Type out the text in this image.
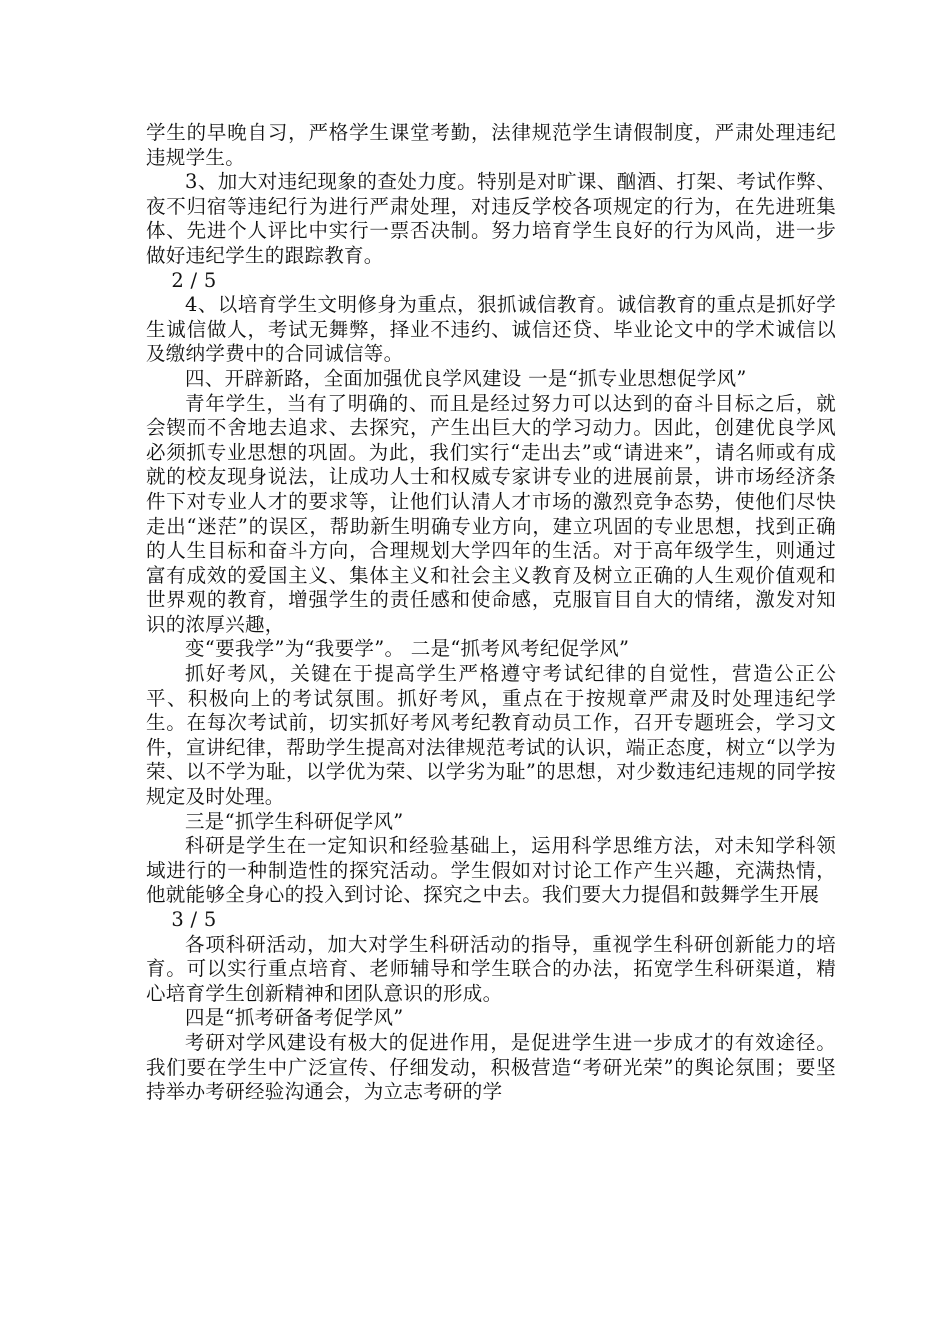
学生的早晚自习，严格学生课堂考勤，法律规范学生请假制度，严肃处理违纪违规学生。

3、加大对违纪现象的查处力度。特别是对旷课、酗酒、打架、考试作弊、夜不归宿等违纪行为进行严肃处理，对违反学校各项规定的行为，在先进班集体、先进个人评比中实行一票否决制。努力培育学生良好的行为风尚，进一步做好违纪学生的跟踪教育。

2 / 5

4、以培育学生文明修身为重点，狠抓诚信教育。诚信教育的重点是抓好学生诚信做人，考试无舞弊，择业不违约、诚信还贷、毕业论文中的学术诚信以及缴纳学费中的合同诚信等。

四、开辟新路，全面加强优良学风建设 一是“抓专业思想促学风”

青年学生，当有了明确的、而且是经过努力可以达到的奋斗目标之后，就会锲而不舍地去追求、去探究，产生出巨大的学习动力。因此，创建优良学风必须抓专业思想的巩固。为此，我们实行“走出去”或“请进来”，请名师或有成就的校友现身说法，让成功人士和权威专家讲专业的进展前景，讲市场经济条件下对专业人才的要求等，让他们认清人才市场的激烈竞争态势，使他们尽快走出“迷茫”的误区，帮助新生明确专业方向，建立巩固的专业思想，找到正确的人生目标和奋斗方向，合理规划大学四年的生活。对于高年级学生，则通过富有成效的爱国主义、集体主义和社会主义教育及树立正确的人生观价值观和世界观的教育，增强学生的责任感和使命感，克服盲目自大的情绪，激发对知识的浓厚兴趣，

变“要我学”为“我要学”。 二是“抓考风考纪促学风”

抓好考风，关键在于提高学生严格遵守考试纪律的自觉性，营造公正公平、积极向上的考试氛围。抓好考风，重点在于按规章严肃及时处理违纪学生。在每次考试前，切实抓好考风考纪教育动员工作，召开专题班会，学习文件，宣讲纪律，帮助学生提高对法律规范考试的认识，端正态度，树立“以学为荣、以不学为耻，以学优为荣、以学劣为耻”的思想，对少数违纪违规的同学按规定及时处理。

三是“抓学生科研促学风”

科研是学生在一定知识和经验基础上，运用科学思维方法，对未知学科领域进行的一种制造性的探究活动。学生假如对讨论工作产生兴趣，充满热情，他就能够全身心的投入到讨论、探究之中去。我们要大力提倡和鼓舞学生开展

3 / 5

各项科研活动，加大对学生科研活动的指导，重视学生科研创新能力的培育。可以实行重点培育、老师辅导和学生联合的办法，拓宽学生科研渠道，精心培育学生创新精神和团队意识的形成。

四是“抓考研备考促学风”

考研对学风建设有极大的促进作用，是促进学生进一步成才的有效途径。我们要在学生中广泛宣传、仔细发动，积极营造“考研光荣”的舆论氛围；要坚持举办考研经验沟通会，为立志考研的学
